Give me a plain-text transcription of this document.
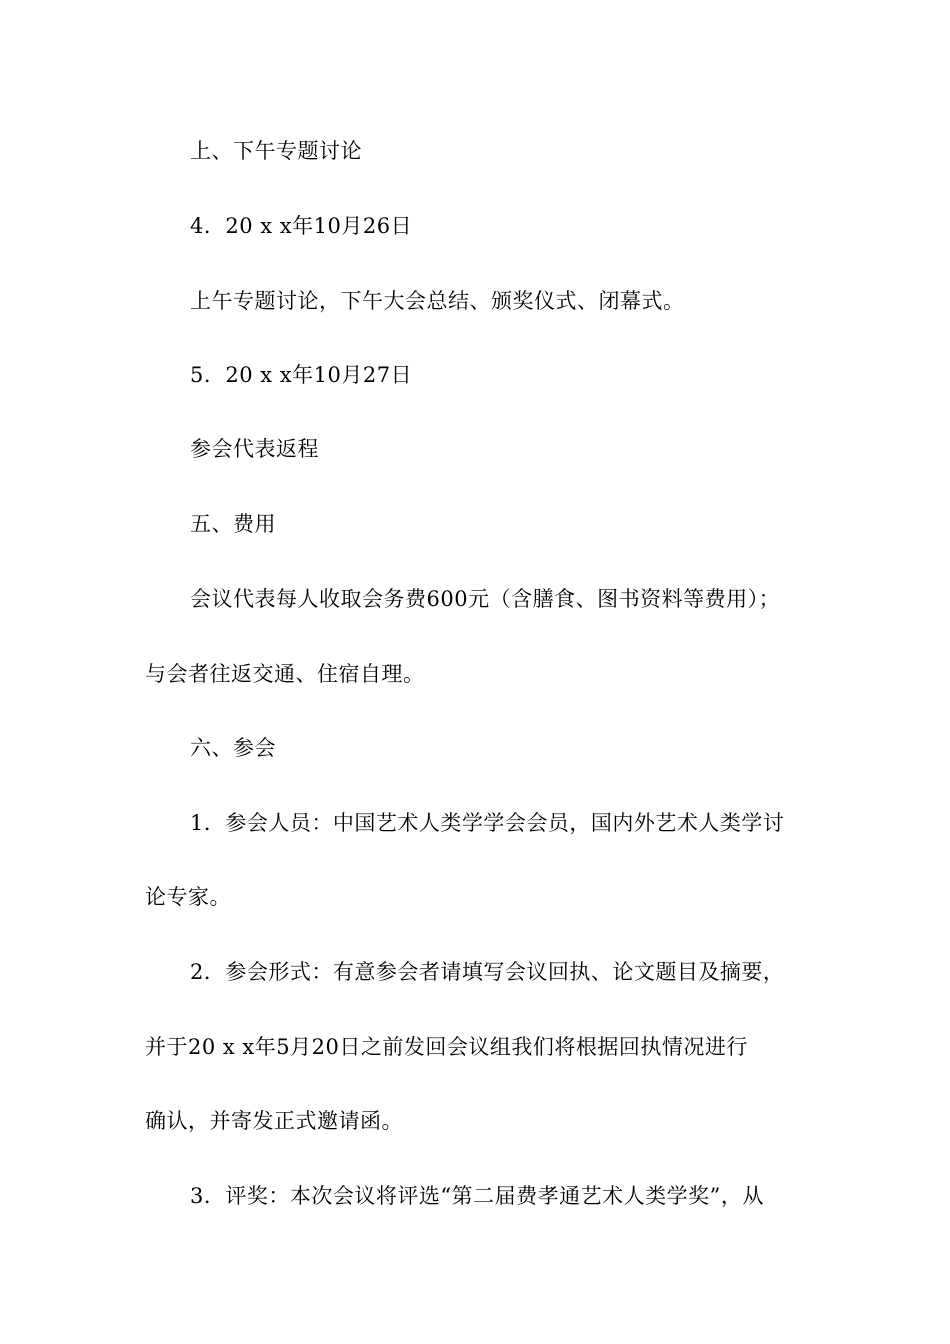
上、下午专题讨论
4．20 x x年10月26日
上午专题讨论，下午大会总结、颁奖仪式、闭幕式。
5．20 x x年10月27日
参会代表返程
五、费用
会议代表每人收取会务费600元（含膳食、图书资料等费用）；
与会者往返交通、住宿自理。
六、参会
1．参会人员：中国艺术人类学学会会员，国内外艺术人类学讨
论专家。
2．参会形式：有意参会者请填写会议回执、论文题目及摘要，
并于20 x x年5月20日之前发回会议组我们将根据回执情况进行
确认，并寄发正式邀请函。
3．评奖：本次会议将评选“第二届费孝通艺术人类学奖”，从
